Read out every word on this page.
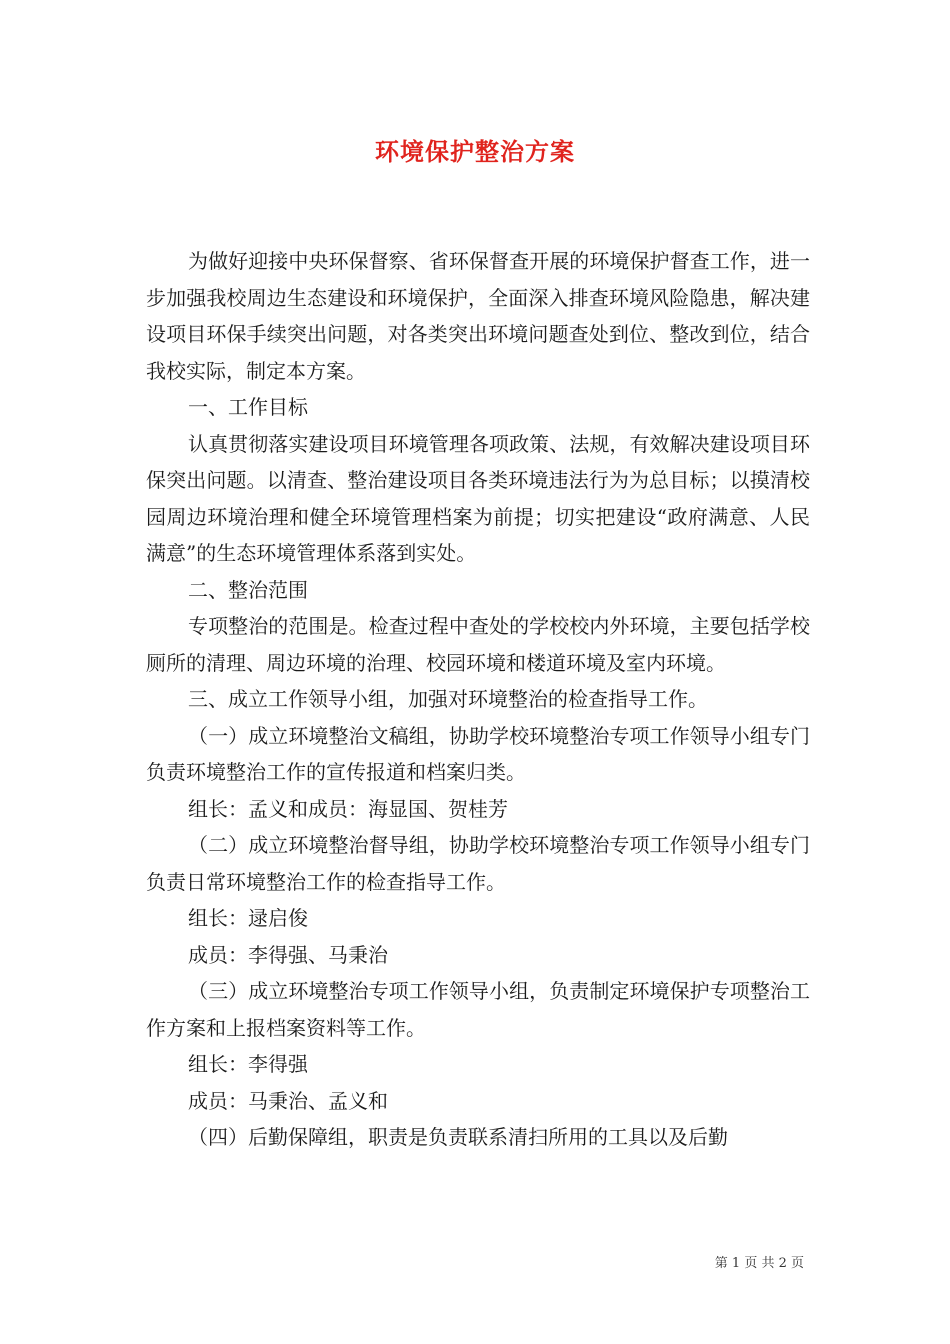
环境保护整治方案

为做好迎接中央环保督察、省环保督查开展的环境保护督查工作，进一步加强我校周边生态建设和环境保护，全面深入排查环境风险隐患，解决建设项目环保手续突出问题，对各类突出环境问题查处到位、整改到位，结合我校实际，制定本方案。

一、工作目标

认真贯彻落实建设项目环境管理各项政策、法规，有效解决建设项目环保突出问题。以清查、整治建设项目各类环境违法行为为总目标；以摸清校园周边环境治理和健全环境管理档案为前提；切实把建设“政府满意、人民满意”的生态环境管理体系落到实处。

二、整治范围

专项整治的范围是。检查过程中查处的学校校内外环境，主要包括学校厕所的清理、周边环境的治理、校园环境和楼道环境及室内环境。

三、成立工作领导小组，加强对环境整治的检查指导工作。

（一）成立环境整治文稿组，协助学校环境整治专项工作领导小组专门负责环境整治工作的宣传报道和档案归类。

组长：孟义和成员：海显国、贺桂芳

（二）成立环境整治督导组，协助学校环境整治专项工作领导小组专门负责日常环境整治工作的检查指导工作。

组长：逯启俊

成员：李得强、马秉治

（三）成立环境整治专项工作领导小组，负责制定环境保护专项整治工作方案和上报档案资料等工作。

组长：李得强

成员：马秉治、孟义和

（四）后勤保障组，职责是负责联系清扫所用的工具以及后勤

第 1 页 共 2 页
